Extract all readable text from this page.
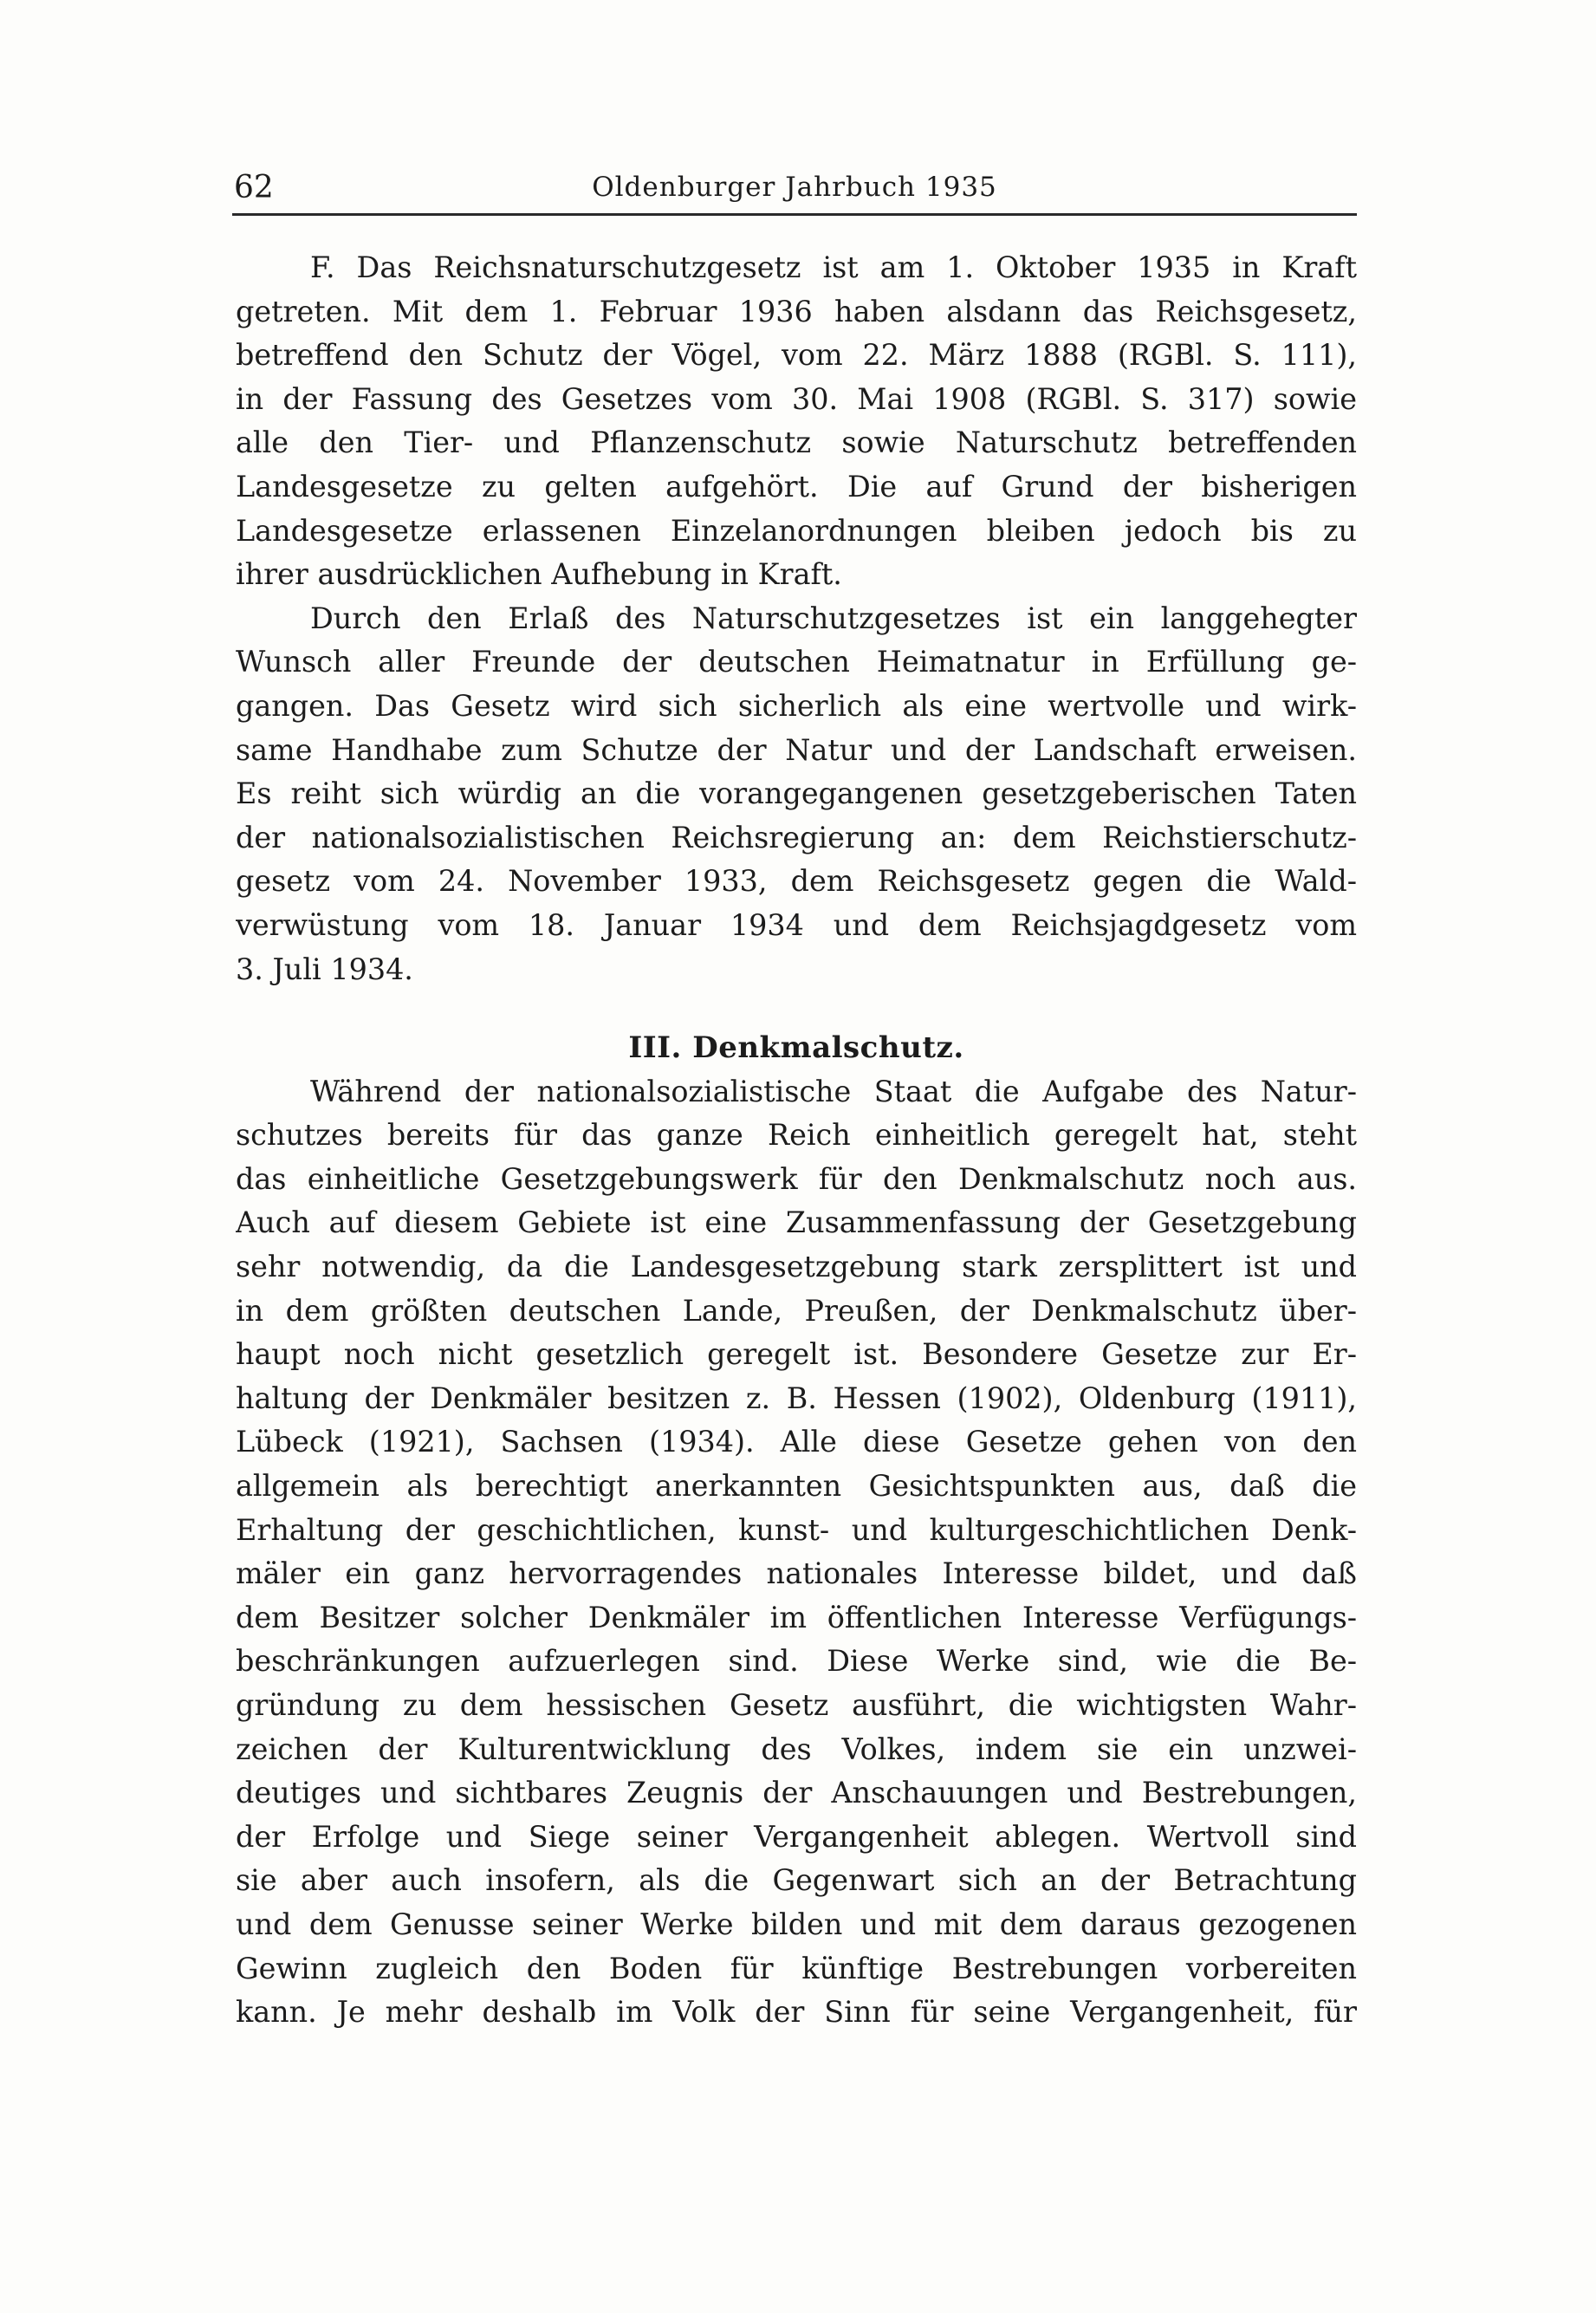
62	Oldenburger Jahrbuch 1935
F. Das Reichsnaturschutzgesetz ist am 1. Oktober 1935 in Kraft
getreten. Mit dem 1. Februar 1936 haben alsdann das Reichsgesetz,
betreffend den Schutz der Vögel, vom 22. März 1888 (RGBl. S. 111),
in der Fassung des Gesetzes vom 30. Mai 1908 (RGBl. S. 317) sowie
alle den Tier- und Pflanzenschutz sowie Naturschutz betreffenden
Landesgesetze zu gelten aufgehört. Die auf Grund der bisherigen
Landesgesetze erlassenen Einzelanordnungen bleiben jedoch bis zu
ihrer ausdrücklichen Aufhebung in Kraft.
Durch den Erlaß des Naturschutzgesetzes ist ein langgehegter
Wunsch aller Freunde der deutschen Heimatnatur in Erfüllung ge-
gangen. Das Gesetz wird sich sicherlich als eine wertvolle und wirk-
same Handhabe zum Schutze der Natur und der Landschaft erweisen.
Es reiht sich würdig an die vorangegangenen gesetzgeberischen Taten
der nationalsozialistischen Reichsregierung an: dem Reichstierschutz-
gesetz vom 24. November 1933, dem Reichsgesetz gegen die Wald-
verwüstung vom 18. Januar 1934 und dem Reichsjagdgesetz vom
3. Juli 1934.
III. Denkmalschutz.
Während der nationalsozialistische Staat die Aufgabe des Natur-
schutzes bereits für das ganze Reich einheitlich geregelt hat, steht
das einheitliche Gesetzgebungswerk für den Denkmalschutz noch aus.
Auch auf diesem Gebiete ist eine Zusammenfassung der Gesetzgebung
sehr notwendig, da die Landesgesetzgebung stark zersplittert ist und
in dem größten deutschen Lande, Preußen, der Denkmalschutz über-
haupt noch nicht gesetzlich geregelt ist. Besondere Gesetze zur Er-
haltung der Denkmäler besitzen z. B. Hessen (1902), Oldenburg (1911),
Lübeck (1921), Sachsen (1934). Alle diese Gesetze gehen von den
allgemein als berechtigt anerkannten Gesichtspunkten aus, daß die
Erhaltung der geschichtlichen, kunst- und kulturgeschichtlichen Denk-
mäler ein ganz hervorragendes nationales Interesse bildet, und daß
dem Besitzer solcher Denkmäler im öffentlichen Interesse Verfügungs-
beschränkungen aufzuerlegen sind. Diese Werke sind, wie die Be-
gründung zu dem hessischen Gesetz ausführt, die wichtigsten Wahr-
zeichen der Kulturentwicklung des Volkes, indem sie ein unzwei-
deutiges und sichtbares Zeugnis der Anschauungen und Bestrebungen,
der Erfolge und Siege seiner Vergangenheit ablegen. Wertvoll sind
sie aber auch insofern, als die Gegenwart sich an der Betrachtung
und dem Genusse seiner Werke bilden und mit dem daraus gezogenen
Gewinn zugleich den Boden für künftige Bestrebungen vorbereiten
kann. Je mehr deshalb im Volk der Sinn für seine Vergangenheit, für
